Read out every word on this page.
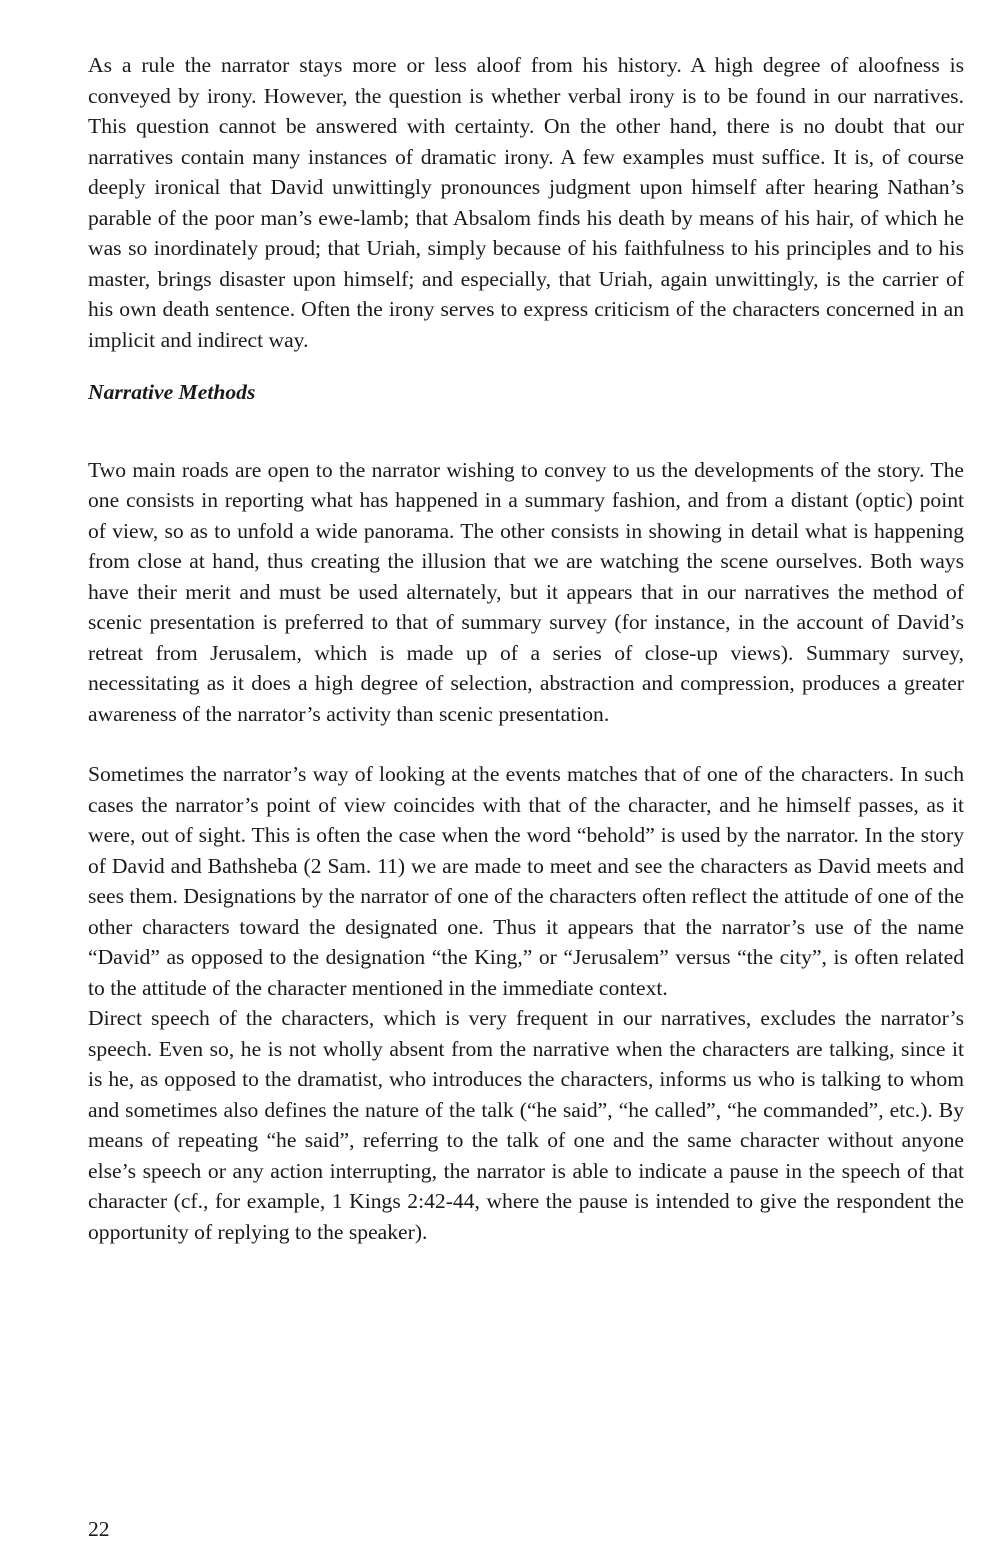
As a rule the narrator stays more or less aloof from his history. A high degree of aloofness is conveyed by irony. However, the question is whether verbal irony is to be found in our narratives. This question cannot be answered with certainty. On the other hand, there is no doubt that our narratives contain many instances of dramatic irony. A few examples must suffice. It is, of course deeply ironical that David unwittingly pronounces judgment upon himself after hearing Nathan’s parable of the poor man’s ewe-lamb; that Absalom finds his death by means of his hair, of which he was so inordinately proud; that Uriah, simply because of his faithfulness to his principles and to his master, brings disaster upon himself; and especially, that Uriah, again unwittingly, is the carrier of his own death sentence. Often the irony serves to express criticism of the characters concerned in an implicit and indirect way.

Narrative Methods

Two main roads are open to the narrator wishing to convey to us the developments of the story. The one consists in reporting what has happened in a summary fashion, and from a distant (optic) point of view, so as to unfold a wide panorama. The other consists in showing in detail what is happening from close at hand, thus creating the illusion that we are watching the scene ourselves. Both ways have their merit and must be used alternately, but it appears that in our narratives the method of scenic presentation is preferred to that of summary survey (for instance, in the account of David’s retreat from Jerusalem, which is made up of a series of close-up views). Summary survey, necessitating as it does a high degree of selection, abstraction and compression, produces a greater awareness of the narrator’s activity than scenic presentation.

Sometimes the narrator’s way of looking at the events matches that of one of the characters. In such cases the narrator’s point of view coincides with that of the character, and he himself passes, as it were, out of sight. This is often the case when the word “behold” is used by the narrator. In the story of David and Bathsheba (2 Sam. 11) we are made to meet and see the characters as David meets and sees them. Designations by the narrator of one of the characters often reflect the attitude of one of the other characters toward the designated one. Thus it appears that the narrator’s use of the name “David” as opposed to the designation “the King,” or “Jerusalem” versus “the city”, is often related to the attitude of the character mentioned in the immediate context.

Direct speech of the characters, which is very frequent in our narratives, excludes the narrator’s speech. Even so, he is not wholly absent from the narrative when the characters are talking, since it is he, as opposed to the dramatist, who introduces the characters, informs us who is talking to whom and sometimes also defines the nature of the talk (“he said”, “he called”, “he commanded”, etc.). By means of repeating “he said”, referring to the talk of one and the same character without anyone else’s speech or any action interrupting, the narrator is able to indicate a pause in the speech of that character (cf., for example, 1 Kings 2:42-44, where the pause is intended to give the respondent the opportunity of replying to the speaker).

22
